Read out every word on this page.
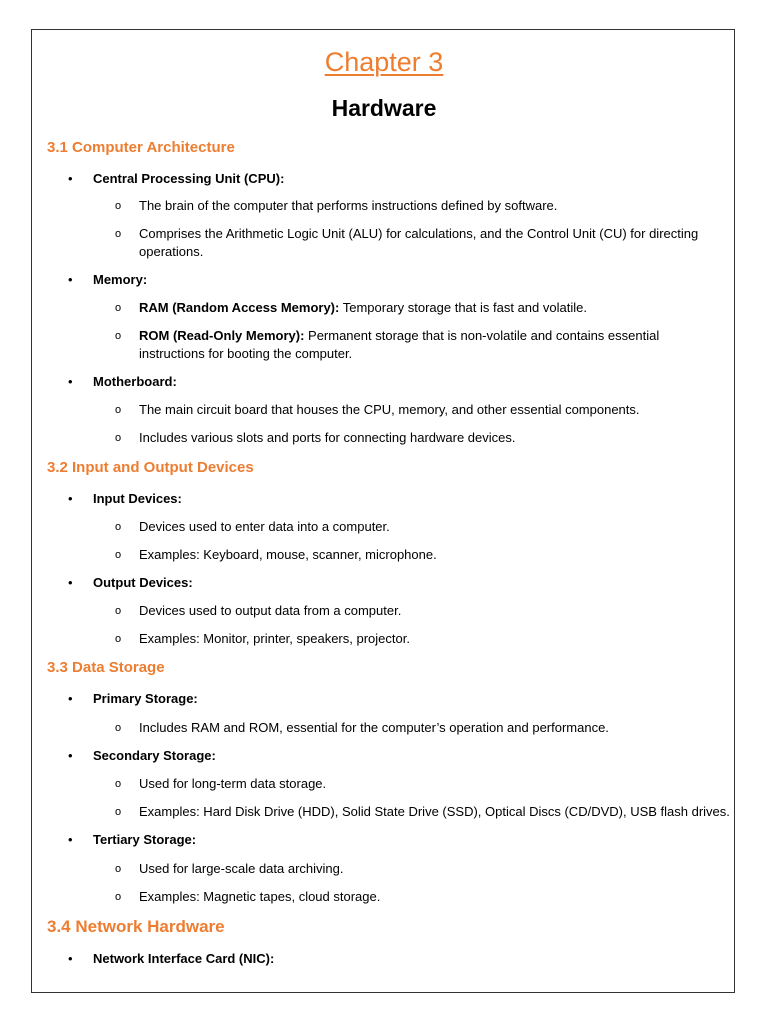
Chapter 3
Hardware
3.1 Computer Architecture
• Central Processing Unit (CPU):
o The brain of the computer that performs instructions defined by software.
o Comprises the Arithmetic Logic Unit (ALU) for calculations, and the Control Unit (CU) for directing operations.
• Memory:
o RAM (Random Access Memory): Temporary storage that is fast and volatile.
o ROM (Read-Only Memory): Permanent storage that is non-volatile and contains essential instructions for booting the computer.
• Motherboard:
o The main circuit board that houses the CPU, memory, and other essential components.
o Includes various slots and ports for connecting hardware devices.
3.2 Input and Output Devices
• Input Devices:
o Devices used to enter data into a computer.
o Examples: Keyboard, mouse, scanner, microphone.
• Output Devices:
o Devices used to output data from a computer.
o Examples: Monitor, printer, speakers, projector.
3.3 Data Storage
• Primary Storage:
o Includes RAM and ROM, essential for the computer’s operation and performance.
• Secondary Storage:
o Used for long-term data storage.
o Examples: Hard Disk Drive (HDD), Solid State Drive (SSD), Optical Discs (CD/DVD), USB flash drives.
• Tertiary Storage:
o Used for large-scale data archiving.
o Examples: Magnetic tapes, cloud storage.
3.4 Network Hardware
• Network Interface Card (NIC):
